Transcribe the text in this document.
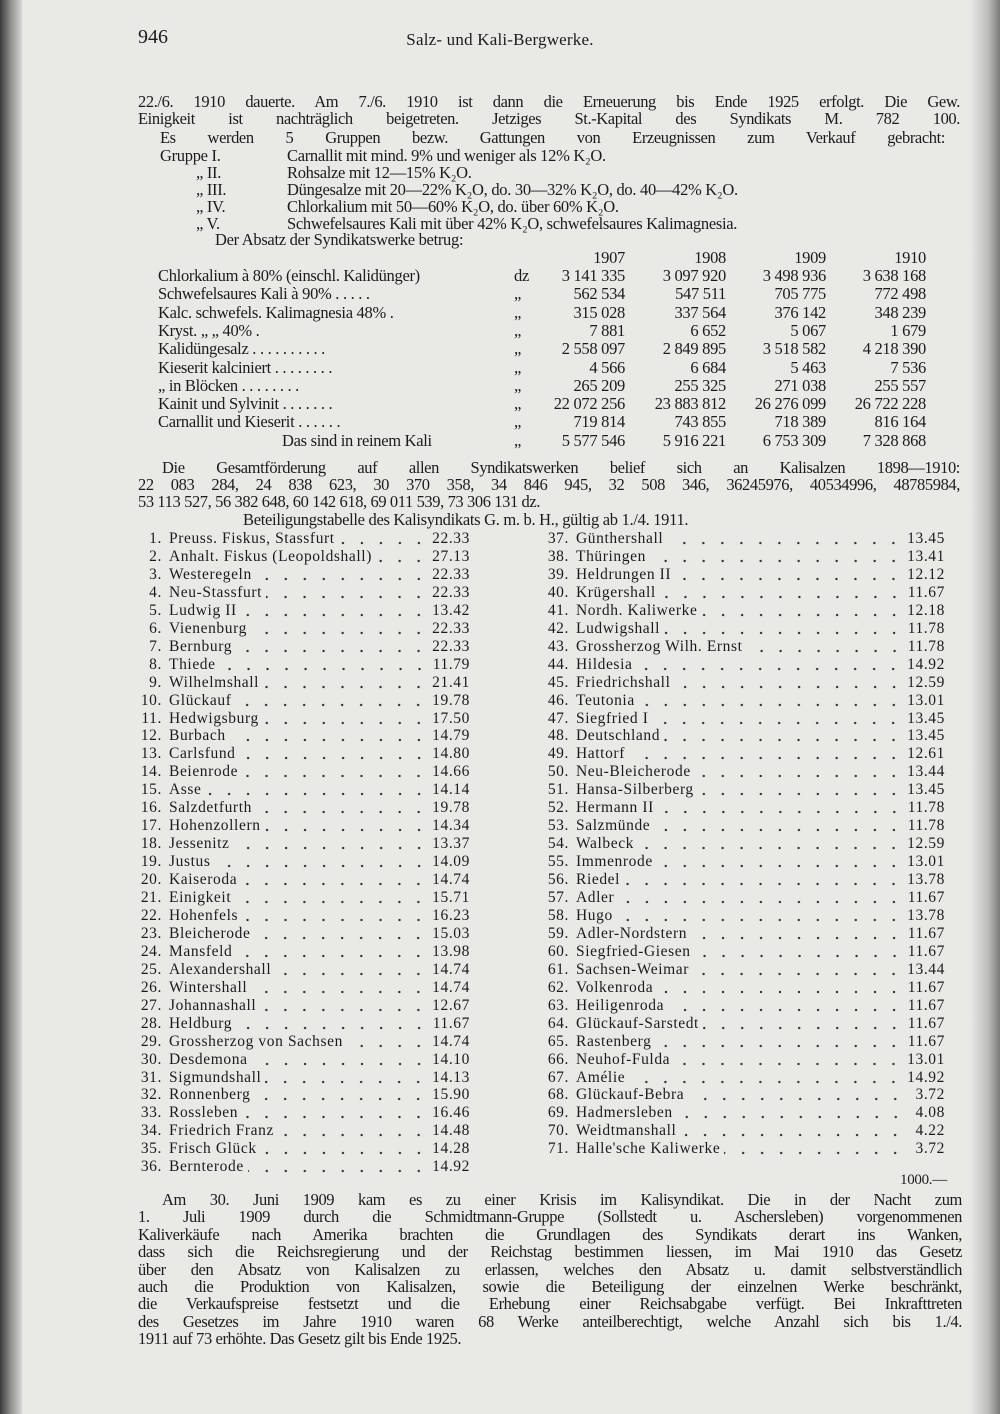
946	Salz- und Kali-Bergwerke.
22./6. 1910 dauerte. Am 7./6. 1910 ist dann die Erneuerung bis Ende 1925 erfolgt. Die Gew.
Einigkeit ist nachträglich beigetreten. Jetziges St.-Kapital des Syndikats M. 782 100.
Es werden 5 Gruppen bezw. Gattungen von Erzeugnissen zum Verkauf gebracht:
Gruppe I.	Carnallit mit mind. 9% und weniger als 12% K₂O.
„ II.	Rohsalze mit 12—15% K₂O.
„ III.	Düngesalze mit 20—22% K₂O, do. 30—32% K₂O, do. 40—42% K₂O.
„ IV.	Chlorkalium mit 50—60% K₂O, do. über 60% K₂O.
„ V.	Schwefelsaures Kali mit über 42% K₂O, schwefelsaures Kalimagnesia.
Der Absatz der Syndikatswerke betrug:
1907	1908	1909	1910
Chlorkalium à 80% (einschl. Kalidünger)	dz	3 141 335	3 097 920	3 498 936	3 638 168
Schwefelsaures Kali à 90% . . . . .	„	562 534	547 511	705 775	772 498
Kalc. schwefels. Kalimagnesia 48% .	„	315 028	337 564	376 142	348 239
Kryst. „ „ 40% .	„	7 881	6 652	5 067	1 679
Kalidüngesalz . . . . . . . . . .	„	2 558 097	2 849 895	3 518 582	4 218 390
Kieserit kalciniert . . . . . . . .	„	4 566	6 684	5 463	7 536
„ in Blöcken . . . . . . . .	„	265 209	255 325	271 038	255 557
Kainit und Sylvinit . . . . . . .	„	22 072 256	23 883 812	26 276 099	26 722 228
Carnallit und Kieserit . . . . . .	„	719 814	743 855	718 389	816 164
Das sind in reinem Kali	„	5 577 546	5 916 221	6 753 309	7 328 868
Die Gesamtförderung auf allen Syndikatswerken belief sich an Kalisalzen 1898—1910:
22 083 284, 24 838 623, 30 370 358, 34 846 945, 32 508 346, 36245976, 40534996, 48785984,
53 113 527, 56 382 648, 60 142 618, 69 011 539, 73 306 131 dz.
Beteiligungstabelle des Kalisyndikats G. m. b. H., gültig ab 1./4. 1911.
1. Preuss. Fiskus, Stassfurt	22.33
2. Anhalt. Fiskus (Leopoldshall)	27.13
3. Westeregeln	22.33
4. Neu-Stassfurt	22.33
5. Ludwig II	13.42
6. Vienenburg	22.33
7. Bernburg	22.33
8. Thiede	11.79
9. Wilhelmshall	21.41
10. Glückauf	19.78
11. Hedwigsburg	17.50
12. Burbach	14.79
13. Carlsfund	14.80
14. Beienrode	14.66
15. Asse	14.14
16. Salzdetfurth	19.78
17. Hohenzollern	14.34
18. Jessenitz	13.37
19. Justus	14.09
20. Kaiseroda	14.74
21. Einigkeit	15.71
22. Hohenfels	16.23
23. Bleicherode	15.03
24. Mansfeld	13.98
25. Alexandershall	14.74
26. Wintershall	14.74
27. Johannashall	12.67
28. Heldburg	11.67
29. Grossherzog von Sachsen	14.74
30. Desdemona	14.10
31. Sigmundshall	14.13
32. Ronnenberg	15.90
33. Rossleben	16.46
34. Friedrich Franz	14.48
35. Frisch Glück	14.28
36. Bernterode	14.92
37. Günthershall	13.45
38. Thüringen	13.41
39. Heldrungen II	12.12
40. Krügershall	11.67
41. Nordh. Kaliwerke	12.18
42. Ludwigshall	11.78
43. Grossherzog Wilh. Ernst	11.78
44. Hildesia	14.92
45. Friedrichshall	12.59
46. Teutonia	13.01
47. Siegfried I	13.45
48. Deutschland	13.45
49. Hattorf	12.61
50. Neu-Bleicherode	13.44
51. Hansa-Silberberg	13.45
52. Hermann II	11.78
53. Salzmünde	11.78
54. Walbeck	12.59
55. Immenrode	13.01
56. Riedel	13.78
57. Adler	11.67
58. Hugo	13.78
59. Adler-Nordstern	11.67
60. Siegfried-Giesen	11.67
61. Sachsen-Weimar	13.44
62. Volkenroda	11.67
63. Heiligenroda	11.67
64. Glückauf-Sarstedt	11.67
65. Rastenberg	11.67
66. Neuhof-Fulda	13.01
67. Amélie	14.92
68. Glückauf-Bebra	3.72
69. Hadmersleben	4.08
70. Weidtmanshall	4.22
71. Halle'sche Kaliwerke	3.72
1000.—
Am 30. Juni 1909 kam es zu einer Krisis im Kalisyndikat. Die in der Nacht zum
1. Juli 1909 durch die Schmidtmann-Gruppe (Sollstedt u. Aschersleben) vorgenommenen
Kaliverkäufe nach Amerika brachten die Grundlagen des Syndikats derart ins Wanken,
dass sich die Reichsregierung und der Reichstag bestimmen liessen, im Mai 1910 das Gesetz
über den Absatz von Kalisalzen zu erlassen, welches den Absatz u. damit selbstverständlich
auch die Produktion von Kalisalzen, sowie die Beteiligung der einzelnen Werke beschränkt,
die Verkaufspreise festsetzt und die Erhebung einer Reichsabgabe verfügt. Bei Inkrafttreten
des Gesetzes im Jahre 1910 waren 68 Werke anteilberechtigt, welche Anzahl sich bis 1./4.
1911 auf 73 erhöhte. Das Gesetz gilt bis Ende 1925.
